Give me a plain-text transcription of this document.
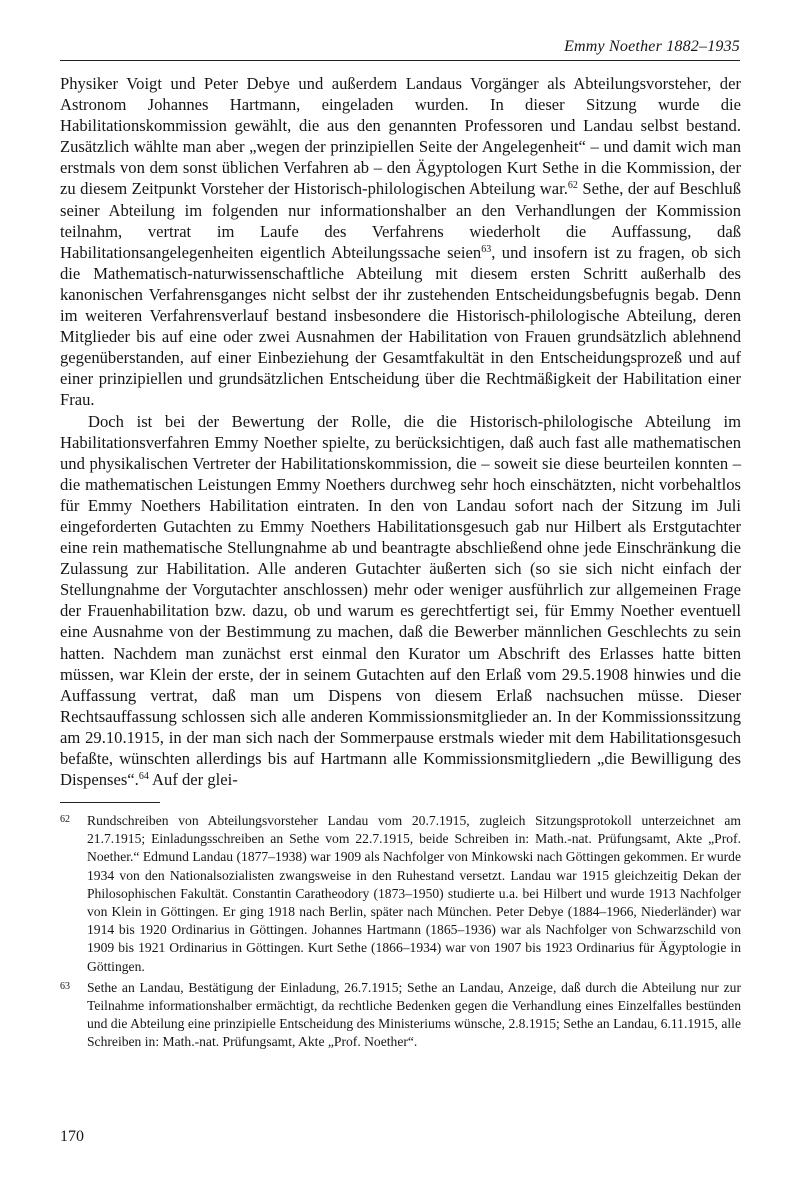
Emmy Noether 1882–1935

Physiker Voigt und Peter Debye und außerdem Landaus Vorgänger als Abteilungsvorsteher, der Astronom Johannes Hartmann, eingeladen wurden. In dieser Sitzung wurde die Habilitationskommission gewählt, die aus den genannten Professoren und Landau selbst bestand. Zusätzlich wählte man aber „wegen der prinzipiellen Seite der Angelegenheit“ – und damit wich man erstmals von dem sonst üblichen Verfahren ab – den Ägyptologen Kurt Sethe in die Kommission, der zu diesem Zeitpunkt Vorsteher der Historisch-philologischen Abteilung war.$^{62}$ Sethe, der auf Beschluß seiner Abteilung im folgenden nur informationshalber an den Verhandlungen der Kommission teilnahm, vertrat im Laufe des Verfahrens wiederholt die Auffassung, daß Habilitationsangelegenheiten eigentlich Abteilungssache seien$^{63}$, und insofern ist zu fragen, ob sich die Mathematisch-naturwissenschaftliche Abteilung mit diesem ersten Schritt außerhalb des kanonischen Verfahrensganges nicht selbst der ihr zustehenden Entscheidungsbefugnis begab. Denn im weiteren Verfahrensverlauf bestand insbesondere die Historisch-philologische Abteilung, deren Mitglieder bis auf eine oder zwei Ausnahmen der Habilitation von Frauen grundsätzlich ablehnend gegenüberstanden, auf einer Einbeziehung der Gesamtfakultät in den Entscheidungsprozeß und auf einer prinzipiellen und grundsätzlichen Entscheidung über die Rechtmäßigkeit der Habilitation einer Frau.

Doch ist bei der Bewertung der Rolle, die die Historisch-philologische Abteilung im Habilitationsverfahren Emmy Noether spielte, zu berücksichtigen, daß auch fast alle mathematischen und physikalischen Vertreter der Habilitationskommission, die – soweit sie diese beurteilen konnten – die mathematischen Leistungen Emmy Noethers durchweg sehr hoch einschätzten, nicht vorbehaltlos für Emmy Noethers Habilitation eintraten. In den von Landau sofort nach der Sitzung im Juli eingeforderten Gutachten zu Emmy Noethers Habilitationsgesuch gab nur Hilbert als Erstgutachter eine rein mathematische Stellungnahme ab und beantragte abschließend ohne jede Einschränkung die Zulassung zur Habilitation. Alle anderen Gutachter äußerten sich (so sie sich nicht einfach der Stellungnahme der Vorgutachter anschlossen) mehr oder weniger ausführlich zur allgemeinen Frage der Frauenhabilitation bzw. dazu, ob und warum es gerechtfertigt sei, für Emmy Noether eventuell eine Ausnahme von der Bestimmung zu machen, daß die Bewerber männlichen Geschlechts zu sein hatten. Nachdem man zunächst erst einmal den Kurator um Abschrift des Erlasses hatte bitten müssen, war Klein der erste, der in seinem Gutachten auf den Erlaß vom 29.5.1908 hinwies und die Auffassung vertrat, daß man um Dispens von diesem Erlaß nachsuchen müsse. Dieser Rechtsauffassung schlossen sich alle anderen Kommissionsmitglieder an. In der Kommissionssitzung am 29.10.1915, in der man sich nach der Sommerpause erstmals wieder mit dem Habilitationsgesuch befaßte, wünschten allerdings bis auf Hartmann alle Kommissionsmitgliedern „die Bewilligung des Dispenses“.$^{64}$ Auf der glei-

62 Rundschreiben von Abteilungsvorsteher Landau vom 20.7.1915, zugleich Sitzungsprotokoll unterzeichnet am 21.7.1915; Einladungsschreiben an Sethe vom 22.7.1915, beide Schreiben in: Math.-nat. Prüfungsamt, Akte „Prof. Noether.“ Edmund Landau (1877–1938) war 1909 als Nachfolger von Minkowski nach Göttingen gekommen. Er wurde 1934 von den Nationalsozialisten zwangsweise in den Ruhestand versetzt. Landau war 1915 gleichzeitig Dekan der Philosophischen Fakultät. Constantin Caratheodory (1873–1950) studierte u.a. bei Hilbert und wurde 1913 Nachfolger von Klein in Göttingen. Er ging 1918 nach Berlin, später nach München. Peter Debye (1884–1966, Niederländer) war 1914 bis 1920 Ordinarius in Göttingen. Johannes Hartmann (1865–1936) war als Nachfolger von Schwarzschild von 1909 bis 1921 Ordinarius in Göttingen. Kurt Sethe (1866–1934) war von 1907 bis 1923 Ordinarius für Ägyptologie in Göttingen.
63 Sethe an Landau, Bestätigung der Einladung, 26.7.1915; Sethe an Landau, Anzeige, daß durch die Abteilung nur zur Teilnahme informationshalber ermächtigt, da rechtliche Bedenken gegen die Verhandlung eines Einzelfalles bestünden und die Abteilung eine prinzipielle Entscheidung des Ministeriums wünsche, 2.8.1915; Sethe an Landau, 6.11.1915, alle Schreiben in: Math.-nat. Prüfungsamt, Akte „Prof. Noether“.
170
